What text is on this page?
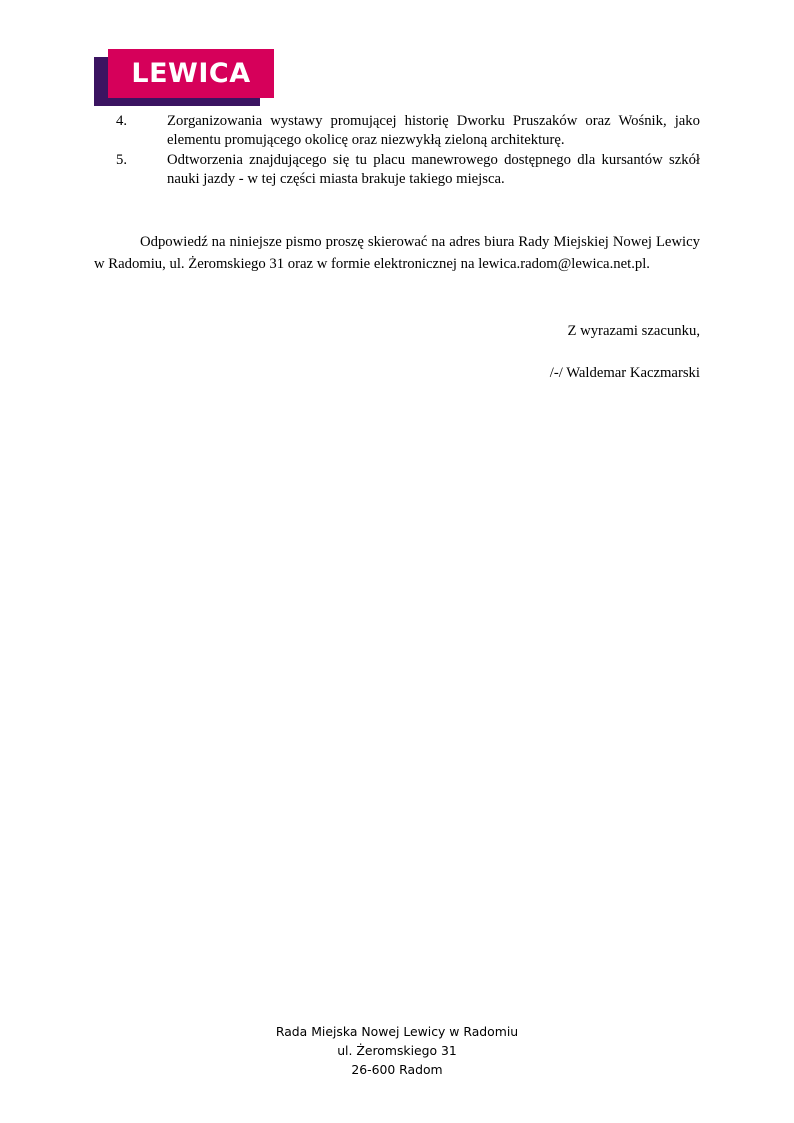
LEWICA
4.	Zorganizowania wystawy promującej historię Dworku Pruszaków oraz Wośnik, jako elementu promującego okolicę oraz niezwykłą zieloną architekturę.
5.	Odtworzenia znajdującego się tu placu manewrowego dostępnego dla kursantów szkół nauki jazdy - w tej części miasta brakuje takiego miejsca.

Odpowiedź na niniejsze pismo proszę skierować na adres biura Rady Miejskiej Nowej Lewicy w Radomiu, ul. Żeromskiego 31 oraz w formie elektronicznej na lewica.radom@lewica.net.pl.

Z wyrazami szacunku,
/-/ Waldemar Kaczmarski
Rada Miejska Nowej Lewicy w Radomiu
ul. Żeromskiego 31
26-600 Radom
